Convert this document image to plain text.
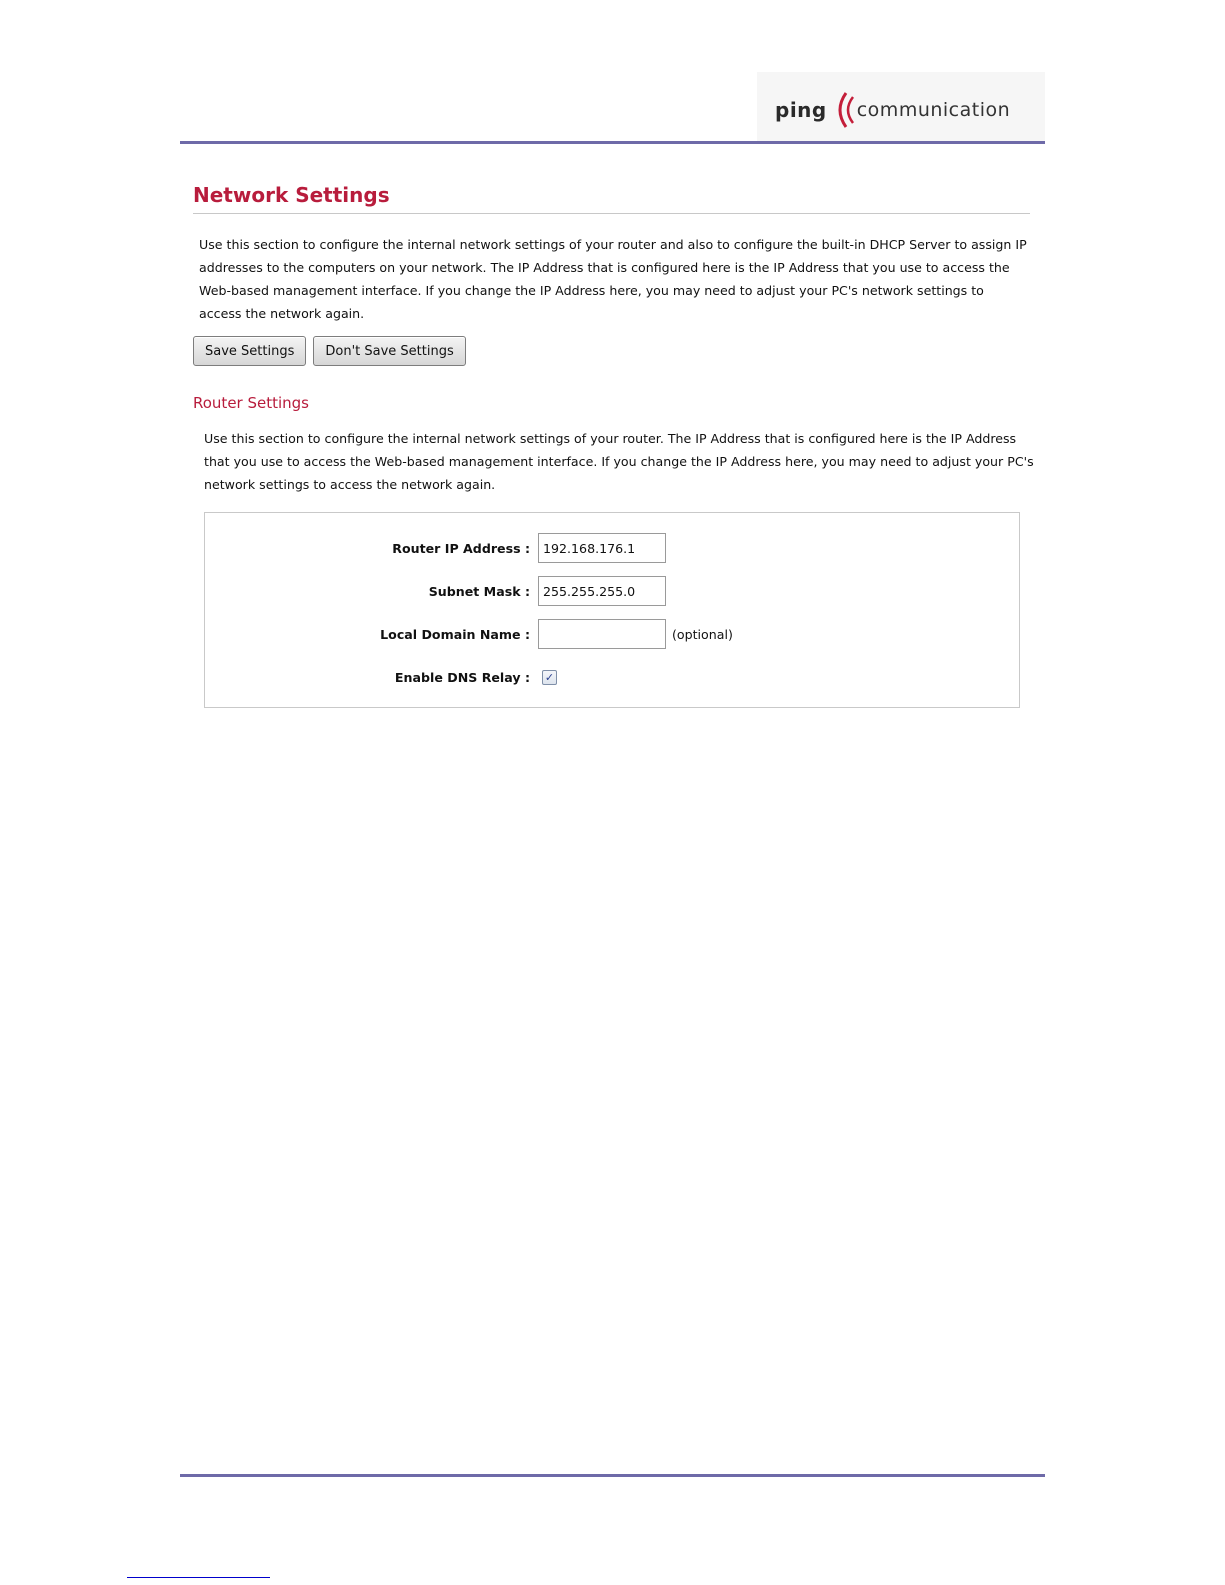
ping communication
Network Settings

Use this section to configure the internal network settings of your router and also to configure the built-in DHCP Server to assign IP addresses to the computers on your network. The IP Address that is configured here is the IP Address that you use to access the Web-based management interface. If you change the IP Address here, you may need to adjust your PC's network settings to access the network again.

Save Settings	Don't Save Settings
Router Settings

Use this section to configure the internal network settings of your router. The IP Address that is configured here is the IP Address that you use to access the Web-based management interface. If you change the IP Address here, you may need to adjust your PC's network settings to access the network again.

Router IP Address :
192.168.176.1
Subnet Mask :
255.255.255.0
Local Domain Name :	(optional)
Enable DNS Relay :	✓
